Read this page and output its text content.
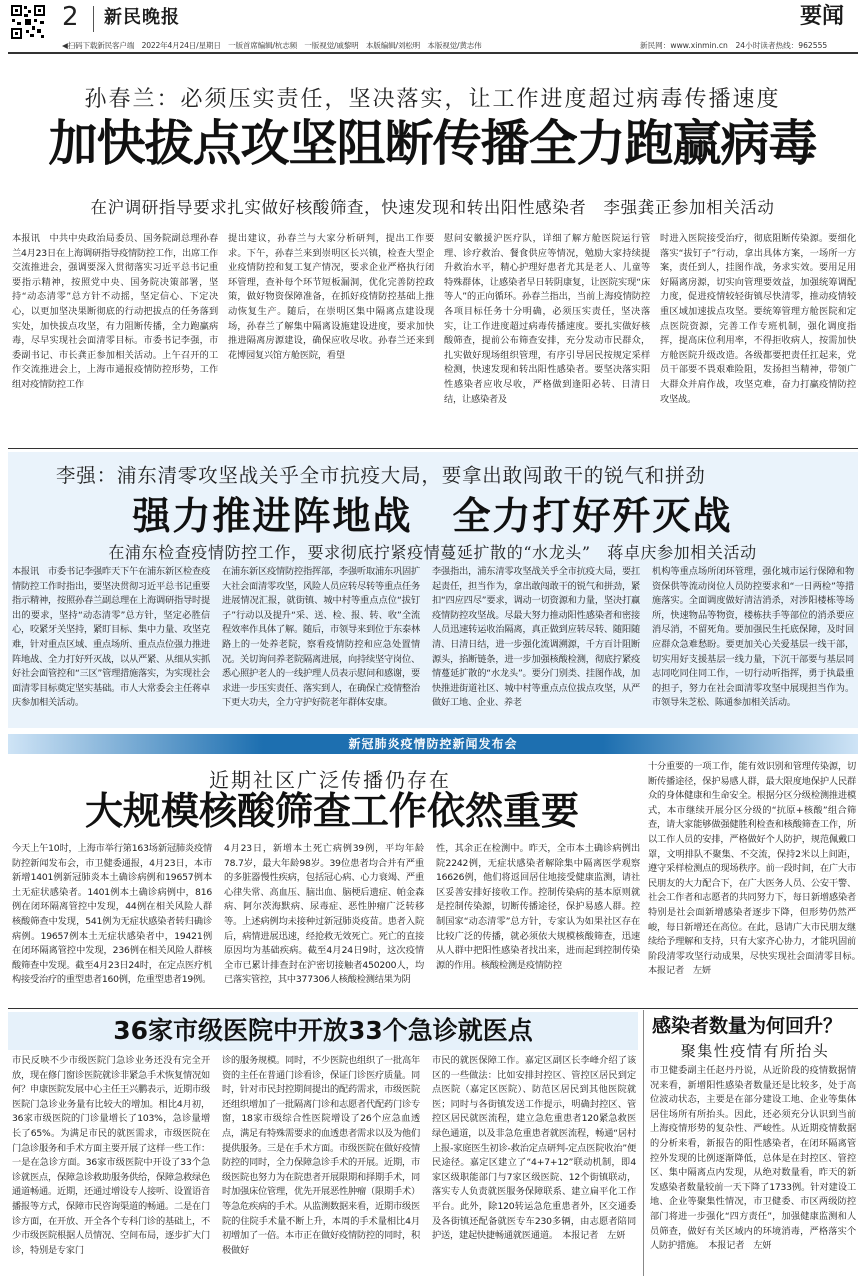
2 新民晚报	要闻
◀扫码下载新民客户端　2022年4月24日/星期日　一版首席编辑/杭志频　一版视觉/戚黎明　本版编辑/刘松明　本版视觉/黄志伟	新民网：www.xinmin.cn　24小时读者热线：962555
孙春兰：必须压实责任，坚决落实，让工作进度超过病毒传播速度
加快拔点攻坚阻断传播全力跑赢病毒
在沪调研指导要求扎实做好核酸筛查，快速发现和转出阳性感染者　李强龚正参加相关活动
本报讯　中共中央政治局委员、国务院副总理孙春兰4月23日在上海调研指导疫情防控工作，出席工作交流推进会，强调要深入贯彻落实习近平总书记重要指示精神，按照党中央、国务院决策部署，坚持“动态清零”总方针不动摇，坚定信心、下定决心，以更加坚决果断彻底的行动把拔点的任务落到实处，加快拔点攻坚，有力阻断传播，全力跑赢病毒，尽早实现社会面清零目标。市委书记李强，市委副书记、市长龚正参加相关活动。上午召开的工作交流推进会上，上海市通报疫情防控形势，工作组对疫情防控工作
提出建议，孙春兰与大家分析研判，提出工作要求。下午，孙春兰来到崇明区长兴镇，检查大型企业疫情防控和复工复产情况，要求企业严格执行闭环管理，查补每个环节短板漏洞，优化完善防控政策，做好物资保障准备，在抓好疫情防控基础上推动恢复生产。随后，在崇明区集中隔离点建设现场，孙春兰了解集中隔离设施建设进度，要求加快推进隔离房源建设，确保应收尽收。孙春兰还来到花博园复兴馆方舱医院，看望
慰问安徽援沪医疗队，详细了解方舱医院运行管理、诊疗救治、餐食供应等情况，勉励大家持续提升救治水平，精心护理好患者尤其是老人、儿童等特殊群体，让感染者早日转阴康复，让医院实现“床等人”的正向循环。孙春兰指出，当前上海疫情防控各项目标任务十分明确，必须压实责任，坚决落实，让工作进度超过病毒传播速度。要扎实做好核酸筛查，提前公布筛查安排，充分发动市民群众，扎实做好现场组织管理，有序引导居民按规定采样检测，快速发现和转出阳性感染者。要坚决落实阳性感染者应收尽收，严格做到逢阳必转、日清日结，让感染者及
时进入医院接受治疗，彻底阻断传染源。要细化落实“拔钉子”行动，拿出具体方案，一场所一方案，责任到人，挂图作战，务求实效。要用足用好隔离房源，切实向管理要效益，加强统筹调配力度，促进疫情较轻街镇尽快清零，推动疫情较重区域加速拔点攻坚。要统筹管理方舱医院和定点医院资源，完善工作专班机制，强化调度指挥，提高床位利用率，不得拒收病人，按需加快方舱医院升级改造。各级都要把责任扛起来，党员干部要不畏艰难险阻，发扬担当精神，带领广大群众并肩作战，攻坚克难，奋力打赢疫情防控攻坚战。
李强：浦东清零攻坚战关乎全市抗疫大局，要拿出敢闯敢干的锐气和拼劲
强力推进阵地战　全力打好歼灭战
在浦东检查疫情防控工作，要求彻底拧紧疫情蔓延扩散的“水龙头”　蒋卓庆参加相关活动
本报讯　市委书记李强昨天下午在浦东新区检查疫情防控工作时指出，要坚决贯彻习近平总书记重要指示精神，按照孙春兰副总理在上海调研指导时提出的要求，坚持“动态清零”总方针，坚定必胜信心，咬紧牙关坚持，紧盯目标、集中力量、攻坚克难，针对重点区域、重点场所、重点点位强力推进阵地战、全力打好歼灭战，以从严紧、从细从实抓好社会面管控和“三区”管理措施落实，为实现社会面清零目标奠定坚实基础。市人大常委会主任蒋卓庆参加相关活动。
在浦东新区疫情防控指挥部，李强听取浦东巩固扩大社会面清零攻坚，风险人员应转尽转等重点任务进展情况汇报，就街镇、城中村等重点点位“拔钉子”行动以及提升“采、送、检、报、转、收”全流程效率作具体了解。随后，市领导来到位于东泰林路上的一处养老院，察看疫情防控和应急处置情况。关切询问养老院隔离进展，向持续坚守岗位、悉心照护老人的一线护理人员表示慰问和感谢，要求进一步压实责任、落实到人，在确保亡疫情整治下更大功夫，全力守护好院老年群体安康。
李强指出，浦东清零攻坚战关乎全市抗疫大局，要扛起责任，担当作为，拿出敢闯敢干的锐气和拼劲，紧扣“四应四尽”要求，调动一切资源和力量，坚决打赢疫情防控攻坚战。尽最大努力推动阳性感染者和密接人员迅速转运收治隔离，真正做到应转尽转、随阳随清、日清日结，进一步强化流调溯源，千方百计阻断源头，掐断链条，进一步加强核酸检测，彻底拧紧疫情蔓延扩散的“水龙头”。要分门别类、挂图作战，加快推进街道社区、城中村等重点点位拔点攻坚，从严做好工地、企业、养老
机构等重点场所闭环管理，强化城市运行保障和物资保供等流动岗位人员防控要求和“一日两检”等措施落实。全面调度做好清洁消杀，对涉阳楼栋等场所，快速物品等物资，楼栋扶手等部位的消杀要应消尽消，不留死角。要加强民生托底保障，及时回应群众急难愁盼。要更加关心关爱基层一线干部，切实用好支援基层一线力量，下沉干部要与基层同志同吃同住同工作，一切行动听指挥，勇于执最重的担子，努力在社会面清零攻坚中展现担当作为。市领导朱芝松、陈通参加相关活动。
新冠肺炎疫情防控新闻发布会
近期社区广泛传播仍存在
大规模核酸筛查工作依然重要
今天上午10时，上海市举行第163场新冠肺炎疫情防控新闻发布会，市卫健委通报，4月23日，本市新增1401例新冠肺炎本土确诊病例和19657例本土无症状感染者。1401例本土确诊病例中，816例在闭环隔离管控中发现，44例在相关风险人群核酸筛查中发现，541例为无症状感染者转归确诊病例。19657例本土无症状感染者中，19421例在闭环隔离管控中发现，236例在相关风险人群核酸筛查中发现。截至4月23日24时，在定点医疗机构接受治疗的重型患者160例，危重型患者19例。
4月23日，新增本土死亡病例39例，平均年龄78.7岁，最大年龄98岁。39位患者均合并有严重的多脏器慢性疾病，包括冠心病、心力衰竭、严重心律失常、高血压、脑出血、脑梗后遗症、帕金森病、阿尔茨海默病、尿毒症、恶性肿瘤广泛转移等。上述病例均未接种过新冠肺炎疫苗。患者入院后，病情进展迅速，经抢救无效死亡。死亡的直接原因均为基础疾病。截至4月24日9时，这次疫情全市已累计排查封在沪密切接触者450200人，均已落实管控，其中377306人核酸检测结果为阴
性，其余正在检测中。昨天，全市本土确诊病例出院2242例，无症状感染者解除集中隔离医学观察16626例，他们将返回居住地接受健康监测，请社区妥善安排好接收工作。控制传染病的基本原则就是控制传染源，切断传播途径，保护易感人群。控制国家“动态清零”总方针，专家认为如果社区存在比较广泛的传播，就必须依大规模核酸筛查，迅速从人群中把阳性感染者找出来，进而起到控制传染源的作用。核酸检测是疫情防控
十分重要的一项工作，能有效识别和管理传染源，切断传播途径，保护易感人群，最大限度地保护人民群众的身体健康和生命安全。根据分区分级检测推进模式，本市继续开展分区分级的“抗原+核酸”组合筛查，请大家能够做强健胜利检查和核酸筛查工作，所以工作人员的安排，严格做好个人防护，规范佩戴口罩，文明排队不聚集、不交流，保持2米以上间距，遵守采样检测点的现场秩序。前一段时间，在广大市民朋友的大力配合下，在广大医务人员、公安干警、社会工作者和志愿者的共同努力下，每日新增感染者特别是社会面新增感染者逐步下降，但形势仍然严峻，每日新增还在高位。在此，恳请广大市民朋友继续给予理解和支持，只有大家齐心协力，才能巩固前阶段清零攻坚行动成果，尽快实现社会面清零目标。　本报记者　左妍
36家市级医院中开放33个急诊就医点
市民反映不少市级医院门急诊业务还没有完全开放，现在修门窗诊医院就诊非紧急手术恢复情况如何？申康医院发展中心主任王兴鹏表示，近期市级医院门急诊业务量有比较大的增加。相比4月初，36家市级医院的门诊量增长了103%，急诊量增长了65%。为满足市民的就医需求，市级医院在门急诊服务和手术方面主要开展了这样一些工作：一是在急诊方面。36家市级医院中开设了33个急诊就医点，保障急诊救助服务供给，保障急救绿色通道畅通。近期，还通过增设专人接听、设置语音播报等方式，保障市民咨询渠道的畅通。二是在门诊方面，在开放、开全各个专科门诊的基础上，不少市级医院根据人员情况、空间布局，逐步扩大门诊，特别是专家门
诊的服务规模。同时，不少医院也组织了一批高年资的主任在普通门诊看诊，保证门诊医疗质量。同时，针对市民封控期间提出的配药需求，市级医院还组织增加了一批隔离门诊和志愿者代配药门诊专窗，18家市级综合性医院增设了26个应急血透点，满足有特殊需要求的血透患者需求以及为他们提供服务。三是在手术方面。市级医院在做好疫情防控的同时，全力保障急诊手术的开展。近期，市级医院也努力为在院患者开展限期和择期手术，同时加强床位管理，优先开展恶性肿瘤（限期手术）等急危疾病的手术。从监测数据来看，近期市级医院的住院手术量不断上升，本周的手术量相比4月初增加了一倍。本市正在做好疫情防控的同时，积极做好
市民的就医保障工作。嘉定区副区长李峰介绍了该区的一些做法：比如安排封控区、管控区居民到定点医院（嘉定区医院）、防范区居民到其他医院就医；同时与各街镇发送工作提示，明确封控区、管控区居民就医流程，建立急危重患者120紧急救医绿色通道，以及非急危重患者就医流程，畅通“居村上报-家庭医生初诊-救治定点研判-定点医院收治”便民途径。嘉定区建立了“4+7+12”联动机制，即4家区级职能部门与7家区级医院、12个街镇联动，落实专人负责就医服务保障联系、建立扁平化工作平台。此外，除120转运急危重患者外，区交通委及各街镇还配备就医专车230多辆，由志愿者陪同护送，建起快捷畅通就医通道。　本报记者　左妍
感染者数量为何回升？
聚集性疫情有所抬头
市卫健委副主任赵丹丹说，从近阶段的疫情数据情况来看，新增阳性感染者数量还是比较多，处于高位波动状态，主要是在部分建设工地、企业等集体居住场所有所抬头。因此，还必须充分认识到当前上海疫情形势的复杂性、严峻性。从近期疫情数据的分析来看，新报告的阳性感染者，在闭环隔离管控外发现的比例逐渐降低，总体是在封控区、管控区、集中隔离点内发现，从绝对数量看，昨天的新发感染者数量较前一天下降了1733例。针对建设工地、企业等聚集性情况，市卫健委、市区两级防控部门将进一步强化“四方责任”，加强健康监测和人员筛查，做好有关区域内的环境消毒，严格落实个人防护措施。　本报记者　左妍
